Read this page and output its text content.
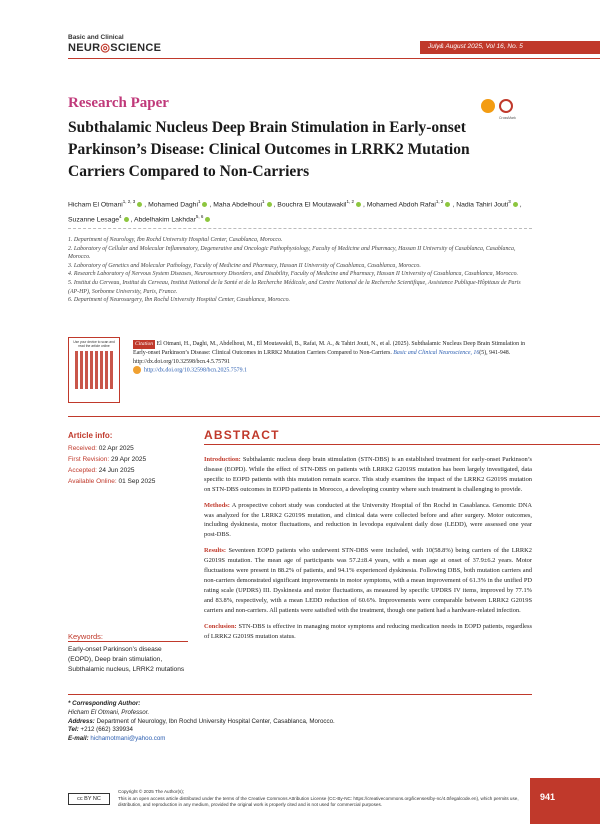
Basic and Clinical
NEUR◎SCIENCE	July& August 2025, Vol 16, No. 5
Research Paper
CrossMark
Subthalamic Nucleus Deep Brain Stimulation in Early-onset Parkinson’s Disease: Clinical Outcomes in LRRK2 Mutation Carriers Compared to Non-Carriers
Hicham El Otmani$^{1, 2, 3}$ , Mohamed Daghi$^1$ , Maha Abdelhoui$^1$ , Bouchra El Moutawakil$^{1, 2}$ , Mohamed Abdoh Rafai$^{1, 2}$ , Nadia Tahiri Jouti$^3$ , Suzanne Lesage$^4$ , Abdelhakim Lakhdar$^{5, 6}$
1. Department of Neurology, Ibn Rochd University Hospital Center, Casablanca, Morocco.
2. Laboratory of Cellular and Molecular Inflammatory, Degenerative and Oncologic Pathophysiology, Faculty of Medicine and Pharmacy, Hassan II University of Casablanca, Casablanca, Morocco.
3. Laboratory of Genetics and Molecular Pathology, Faculty of Medicine and Pharmacy, Hassan II University of Casablanca, Casablanca, Morocco.
4. Research Laboratory of Nervous System Diseases, Neurosensory Disorders, and Disability, Faculty of Medicine and Pharmacy, Hassan II University of Casablanca, Casablanca, Morocco.
5. Institut du Cerveau, Institut du Cerveau, Institut National de la Santé et de la Recherche Médicale, and Centre National de la Recherche Scientifique, Assistance Publique-Hôpitaux de Paris (AP-HP), Sorbonne University, Paris, France.
6. Department of Neurosurgery, Ibn Rochd University Hospital Center, Casablanca, Morocco.
Use your device to scan and read the article online	Citation El Otmani, H., Daghi, M., Abdelhoui, M., El Moutawakil, B., Rafai, M. A., & Tahiri Jouti, N., et al. (2025). Subthalamic Nucleus Deep Brain Stimulation in Early-onset Parkinson’s Disease: Clinical Outcomes in LRRK2 Mutation Carriers Compared to Non-Carriers. Basic and Clinical Neuroscience, 16(5), 941-948. http://dx.doi.org/10.32598/bcn.4.5.75791
http://dx.doi.org/10.32598/bcn.2025.7579.1
Article info:
Received: 02 Apr 2025
First Revision: 29 Apr 2025
Accepted: 24 Jun 2025
Available Online: 01 Sep 2025
Keywords:
Early-onset Parkinson’s disease (EOPD), Deep brain stimulation, Subthalamic nucleus, LRRK2 mutations
ABSTRACT

Introduction: Subthalamic nucleus deep brain stimulation (STN-DBS) is an established treatment for early-onset Parkinson’s disease (EOPD). While the effect of STN-DBS on patients with LRRK2 G2019S mutation has been largely investigated, data specific to EOPD patients with this mutation remain scarce. This study examines the impact of the LRRK2 G2019S mutation on STN-DBS outcomes in EOPD patients in Morocco, a developing country where such treatment is challenging to provide.

Methods: A prospective cohort study was conducted at the University Hospital of Ibn Rochd in Casablanca. Genomic DNA was analyzed for the LRRK2 G2019S mutation, and clinical data were collected before and after surgery. Motor outcomes, including dyskinesia, motor fluctuations, and reduction in levodopa equivalent daily dose (LEDD), were assessed one year post-DBS.

Results: Seventeen EOPD patients who underwent STN-DBS were included, with 10(58.8%) being carriers of the LRRK2 G2019S mutation. The mean age of participants was 57.2±8.4 years, with a mean age at onset of 37.9±6.2 years. Motor fluctuations were present in 88.2% of patients, and 94.1% experienced dyskinesia. Following DBS, both mutation carriers and non-carriers demonstrated significant improvements in motor symptoms, with a mean improvement of 61.3% in the unified PD rating scale (UPDRS) III. Dyskinesia and motor fluctuations, as measured by specific UPDRS IV items, improved by 77.1% and 83.8%, respectively, with a mean LEDD reduction of 60.6%. Improvements were comparable between LRRK2 G2019S carriers and non-carriers. All patients were satisfied with the treatment, though one patient had a hardware-related infection.

Conclusion: STN-DBS is effective in managing motor symptoms and reducing medication needs in EOPD patients, regardless of LRRK2 G2019S mutation status.

* Corresponding Author:
Hicham El Otmani, Professor.
Address: Department of Neurology, Ibn Rochd University Hospital Center, Casablanca, Morocco.
Tel: +212 (662) 339934
E-mail: hichamotmani@yahoo.com
cc BY NC
Copyright © 2025 The Author(s);
This is an open access article distributed under the terms of the Creative Commons Attribution License (CC-By-NC: https://creativecommons.org/licenses/by-nc/4.0/legalcode.en), which permits use, distribution, and reproduction in any medium, provided the original work is properly cited and is not used for commercial purposes.
941
